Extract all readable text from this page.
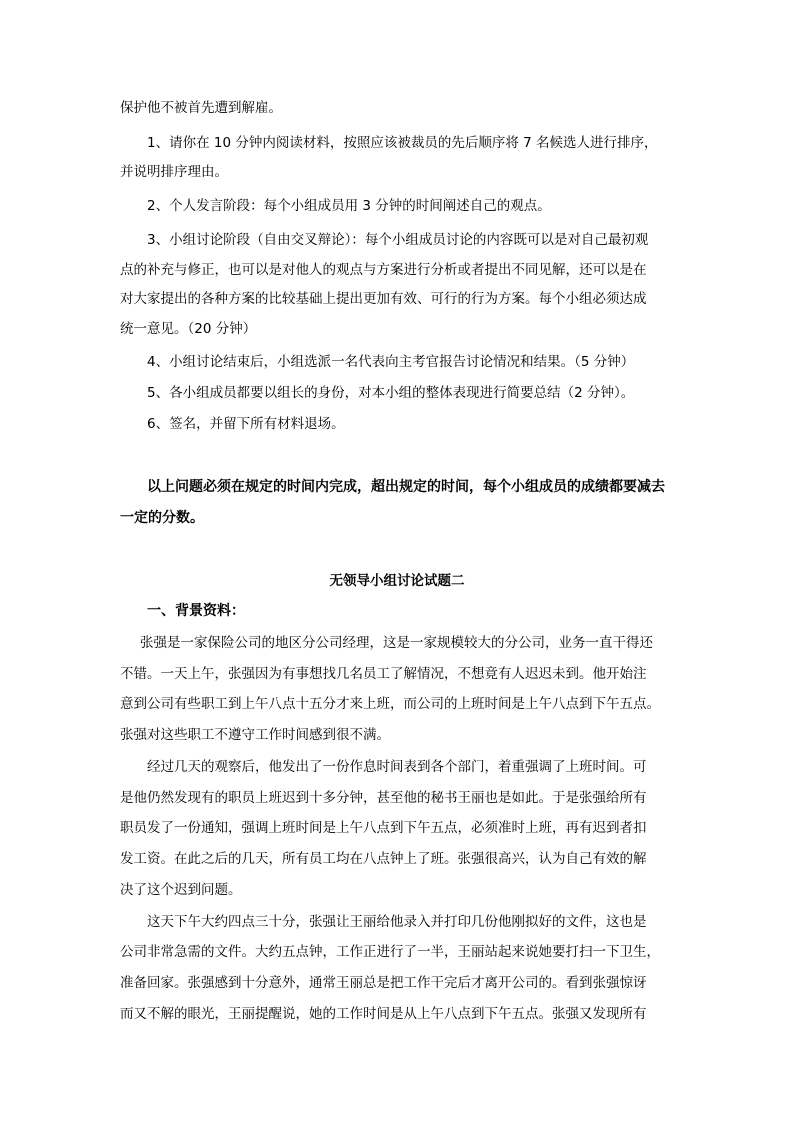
保护他不被首先遭到解雇。
1、请你在 10 分钟内阅读材料，按照应该被裁员的先后顺序将 7 名候选人进行排序，
并说明排序理由。
2、个人发言阶段：每个小组成员用 3 分钟的时间阐述自己的观点。
3、小组讨论阶段（自由交叉辩论）：每个小组成员讨论的内容既可以是对自己最初观
点的补充与修正，也可以是对他人的观点与方案进行分析或者提出不同见解，还可以是在
对大家提出的各种方案的比较基础上提出更加有效、可行的行为方案。每个小组必须达成
统一意见。（20 分钟）
4、小组讨论结束后，小组选派一名代表向主考官报告讨论情况和结果。（5 分钟）
5、各小组成员都要以组长的身份，对本小组的整体表现进行简要总结（2 分钟）。
6、签名，并留下所有材料退场。
以上问题必须在规定的时间内完成，超出规定的时间，每个小组成员的成绩都要减去
一定的分数。
无领导小组讨论试题二
一、背景资料：
张强是一家保险公司的地区分公司经理，这是一家规模较大的分公司，业务一直干得还
不错。一天上午，张强因为有事想找几名员工了解情况，不想竟有人迟迟未到。他开始注
意到公司有些职工到上午八点十五分才来上班，而公司的上班时间是上午八点到下午五点。
张强对这些职工不遵守工作时间感到很不满。
经过几天的观察后，他发出了一份作息时间表到各个部门，着重强调了上班时间。可
是他仍然发现有的职员上班迟到十多分钟，甚至他的秘书王丽也是如此。于是张强给所有
职员发了一份通知，强调上班时间是上午八点到下午五点，必须准时上班，再有迟到者扣
发工资。在此之后的几天，所有员工均在八点钟上了班。张强很高兴，认为自己有效的解
决了这个迟到问题。
这天下午大约四点三十分，张强让王丽给他录入并打印几份他刚拟好的文件，这也是
公司非常急需的文件。大约五点钟，工作正进行了一半，王丽站起来说她要打扫一下卫生，
准备回家。张强感到十分意外，通常王丽总是把工作干完后才离开公司的。看到张强惊讶
而又不解的眼光，王丽提醒说，她的工作时间是从上午八点到下午五点。张强又发现所有
